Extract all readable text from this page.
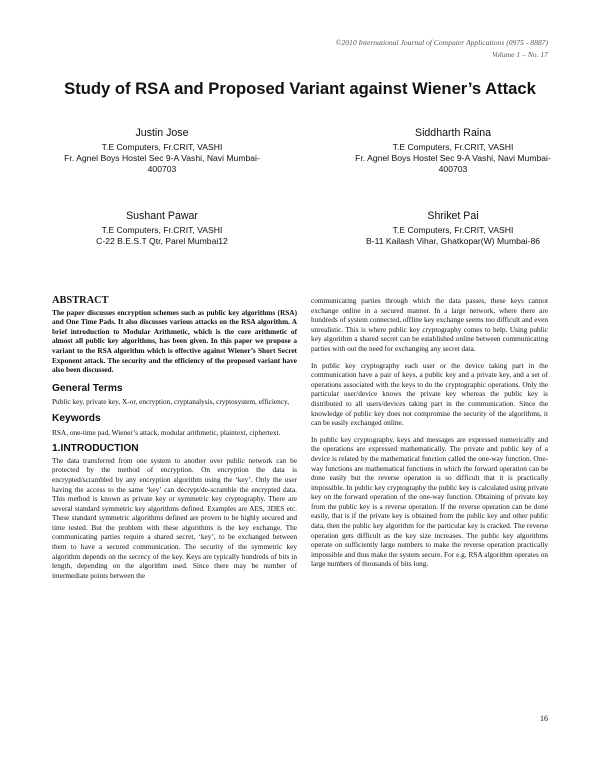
©2010 International Journal of Computer Applications (0975 - 8887)
Volume 1 – No. 17
Study of RSA and Proposed Variant against Wiener’s Attack
Justin Jose
T.E Computers, Fr.CRIT, VASHI
Fr. Agnel Boys Hostel Sec 9-A Vashi, Navi Mumbai-400703
Siddharth Raina
T.E Computers, Fr.CRIT, VASHI
Fr. Agnel Boys Hostel Sec 9-A Vashi, Navi Mumbai-400703
Sushant Pawar
T.E Computers, Fr.CRIT, VASHI
C-22 B.E.S.T Qtr, Parel Mumbai12
Shriket Pai
T.E Computers, Fr.CRIT, VASHI
B-11 Kailash Vihar, Ghatkopar(W) Mumbai-86
ABSTRACT

The paper discusses encryption schemes such as public key algorithms (RSA) and One Time Pads. It also discusses various attacks on the RSA algorithm. A brief introduction to Modular Arithmetic, which is the core arithmetic of almost all public key algorithms, has been given. In this paper we propose a variant to the RSA algorithm which is effective against Wiener’s Short Secret Exponent attack. The security and the efficiency of the proposed variant have also been discussed.

General Terms

Public key, private key, X-or, encryption, cryptanalysis, cryptosystem, efficiency,

Keywords

RSA, one-time pad, Wiener’s attack, modular arithmetic, plaintext, ciphertext.

1.INTRODUCTION

The data transferred from one system to another over public network can be protected by the method of encryption. On encryption the data is encrypted/scrambled by any encryption algorithm using the ‘key’. Only the user having the access to the same ‘key’ can decrypt/de-scramble the encrypted data. This method is known as private key or symmetric key cryptography. There are several standard symmetric key algorithms defined. Examples are AES, 3DES etc. These standard symmetric algorithms defined are proven to be highly secured and time tested. But the problem with these algorithms is the key exchange. The communicating parties require a shared secret, ‘key’, to be exchanged between them to have a secured communication. The security of the symmetric key algorithm depends on the secrecy of the key. Keys are typically hundreds of bits in length, depending on the algorithm used. Since there may be number of intermediate points between the

communicating parties through which the data passes, these keys cannot exchange online in a secured manner. In a large network, where there are hundreds of system connected, offline key exchange seems too difficult and even unrealistic. This is where public key cryptography comes to help. Using public key algorithm a shared secret can be established online between communicating parties with out the need for exchanging any secret data.

In public key cryptography each user or the device taking part in the communication have a pair of keys, a public key and a private key, and a set of operations associated with the keys to do the cryptographic operations. Only the particular user/device knows the private key whereas the public key is distributed to all users/devices taking part in the communication. Since the knowledge of public key does not compromise the security of the algorithms, it can be easily exchanged online.

In public key cryptography, keys and messages are expressed numerically and the operations are expressed mathematically. The private and public key of a device is related by the mathematical function called the one-way function. One-way functions are mathematical functions in which the forward operation can be done easily but the reverse operation is so difficult that it is practically impossible. In public key cryptography the public key is calculated using private key on the forward operation of the one-way function. Obtaining of private key from the public key is a reverse operation. If the reverse operation can be done easily, that is if the private key is obtained from the public key and other public data, then the public key algorithm for the particular key is cracked. The reverse operation gets difficult as the key size increases. The public key algorithms operate on sufficiently large numbers to make the reverse operation practically impossible and thus make the system secure. For e.g. RSA algorithm operates on large numbers of thousands of bits long.

16
